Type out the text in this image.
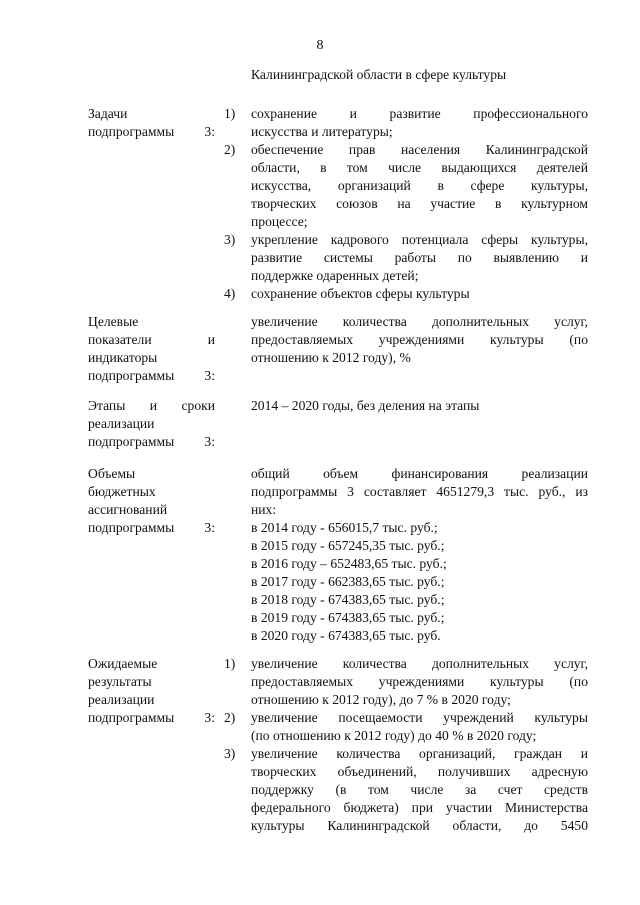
8
Калининградской области в сфере культуры
Задачи
подпрограммы 3:
1) сохранение и развитие профессионального
искусства и литературы;
2) обеспечение прав населения Калининградской
области, в том числе выдающихся деятелей
искусства, организаций в сфере культуры,
творческих союзов на участие в культурном
процессе;
3) укрепление кадрового потенциала сферы культуры,
развитие системы работы по выявлению и
поддержке одаренных детей;
4) сохранение объектов сферы культуры
Целевые
показатели и
индикаторы
подпрограммы 3:
увеличение количества дополнительных услуг,
предоставляемых учреждениями культуры (по
отношению к 2012 году), %
Этапы и сроки
реализации
подпрограммы 3:
2014 – 2020 годы, без деления на этапы
Объемы
бюджетных
ассигнований
подпрограммы 3:
общий объем финансирования реализации
подпрограммы 3 составляет 4651279,3 тыс. руб., из
них:
в 2014 году - 656015,7 тыс. руб.;
в 2015 году - 657245,35 тыс. руб.;
в 2016 году – 652483,65 тыс. руб.;
в 2017 году - 662383,65 тыс. руб.;
в 2018 году - 674383,65 тыс. руб.;
в 2019 году - 674383,65 тыс. руб.;
в 2020 году - 674383,65 тыс. руб.
Ожидаемые
результаты
реализации
подпрограммы 3:
1) увеличение количества дополнительных услуг,
предоставляемых учреждениями культуры (по
отношению к 2012 году), до 7 % в 2020 году;
2) увеличение посещаемости учреждений культуры
(по отношению к 2012 году) до 40 % в 2020 году;
3) увеличение количества организаций, граждан и
творческих объединений, получивших адресную
поддержку (в том числе за счет средств
федерального бюджета) при участии Министерства
культуры Калининградской области, до 5450
